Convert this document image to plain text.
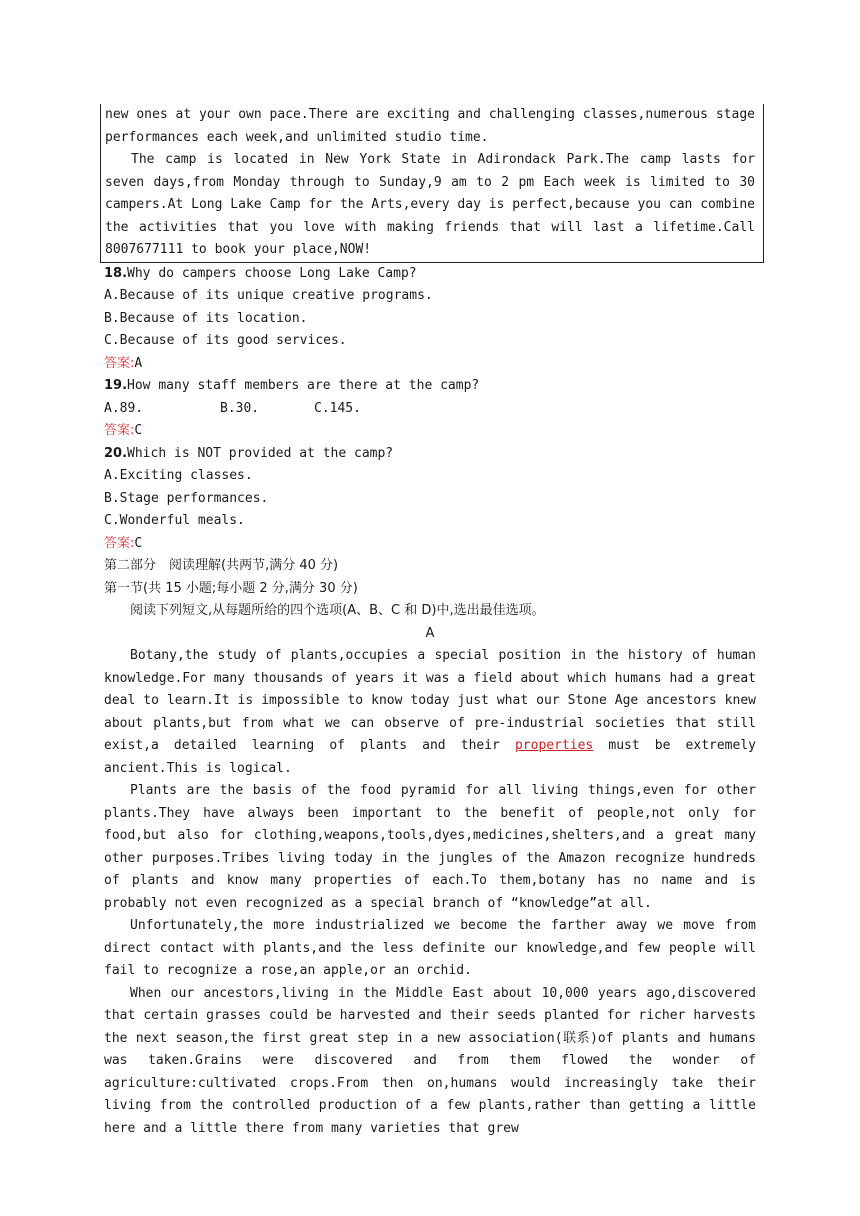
new ones at your own pace.There are exciting and challenging classes,numerous stage performances each week,and unlimited studio time.

The camp is located in New York State in Adirondack Park.The camp lasts for seven days,from Monday through to Sunday,9 am to 2 pm Each week is limited to 30 campers.At Long Lake Camp for the Arts,every day is perfect,because you can combine the activities that you love with making friends that will last a lifetime.Call 8007677111 to book your place,NOW!

18.Why do campers choose Long Lake Camp?

A.Because of its unique creative programs.

B.Because of its location.

C.Because of its good services.

答案:A

19.How many staff members are there at the camp?

A.89.	B.30.	C.145.

答案:C

20.Which is NOT provided at the camp?

A.Exciting classes.

B.Stage performances.

C.Wonderful meals.

答案:C

第二部分　阅读理解(共两节,满分 40 分)

第一节(共 15 小题;每小题 2 分,满分 30 分)

阅读下列短文,从每题所给的四个选项(A、B、C 和 D)中,选出最佳选项。

A

Botany,the study of plants,occupies a special position in the history of human knowledge.For many thousands of years it was a field about which humans had a great deal to learn.It is impossible to know today just what our Stone Age ancestors knew about plants,but from what we can observe of pre-industrial societies that still exist,a detailed learning of plants and their properties must be extremely ancient.This is logical.

Plants are the basis of the food pyramid for all living things,even for other plants.They have always been important to the benefit of people,not only for food,but also for clothing,weapons,tools,dyes,medicines,shelters,and a great many other purposes.Tribes living today in the jungles of the Amazon recognize hundreds of plants and know many properties of each.To them,botany has no name and is probably not even recognized as a special branch of “knowledge”at all.

Unfortunately,the more industrialized we become the farther away we move from direct contact with plants,and the less definite our knowledge,and few people will fail to recognize a rose,an apple,or an orchid.

When our ancestors,living in the Middle East about 10,000 years ago,discovered that certain grasses could be harvested and their seeds planted for richer harvests the next season,the first great step in a new association(联系)of plants and humans was taken.Grains were discovered and from them flowed the wonder of agriculture:cultivated crops.From then on,humans would increasingly take their living from the controlled production of a few plants,rather than getting a little here and a little there from many varieties that grew
